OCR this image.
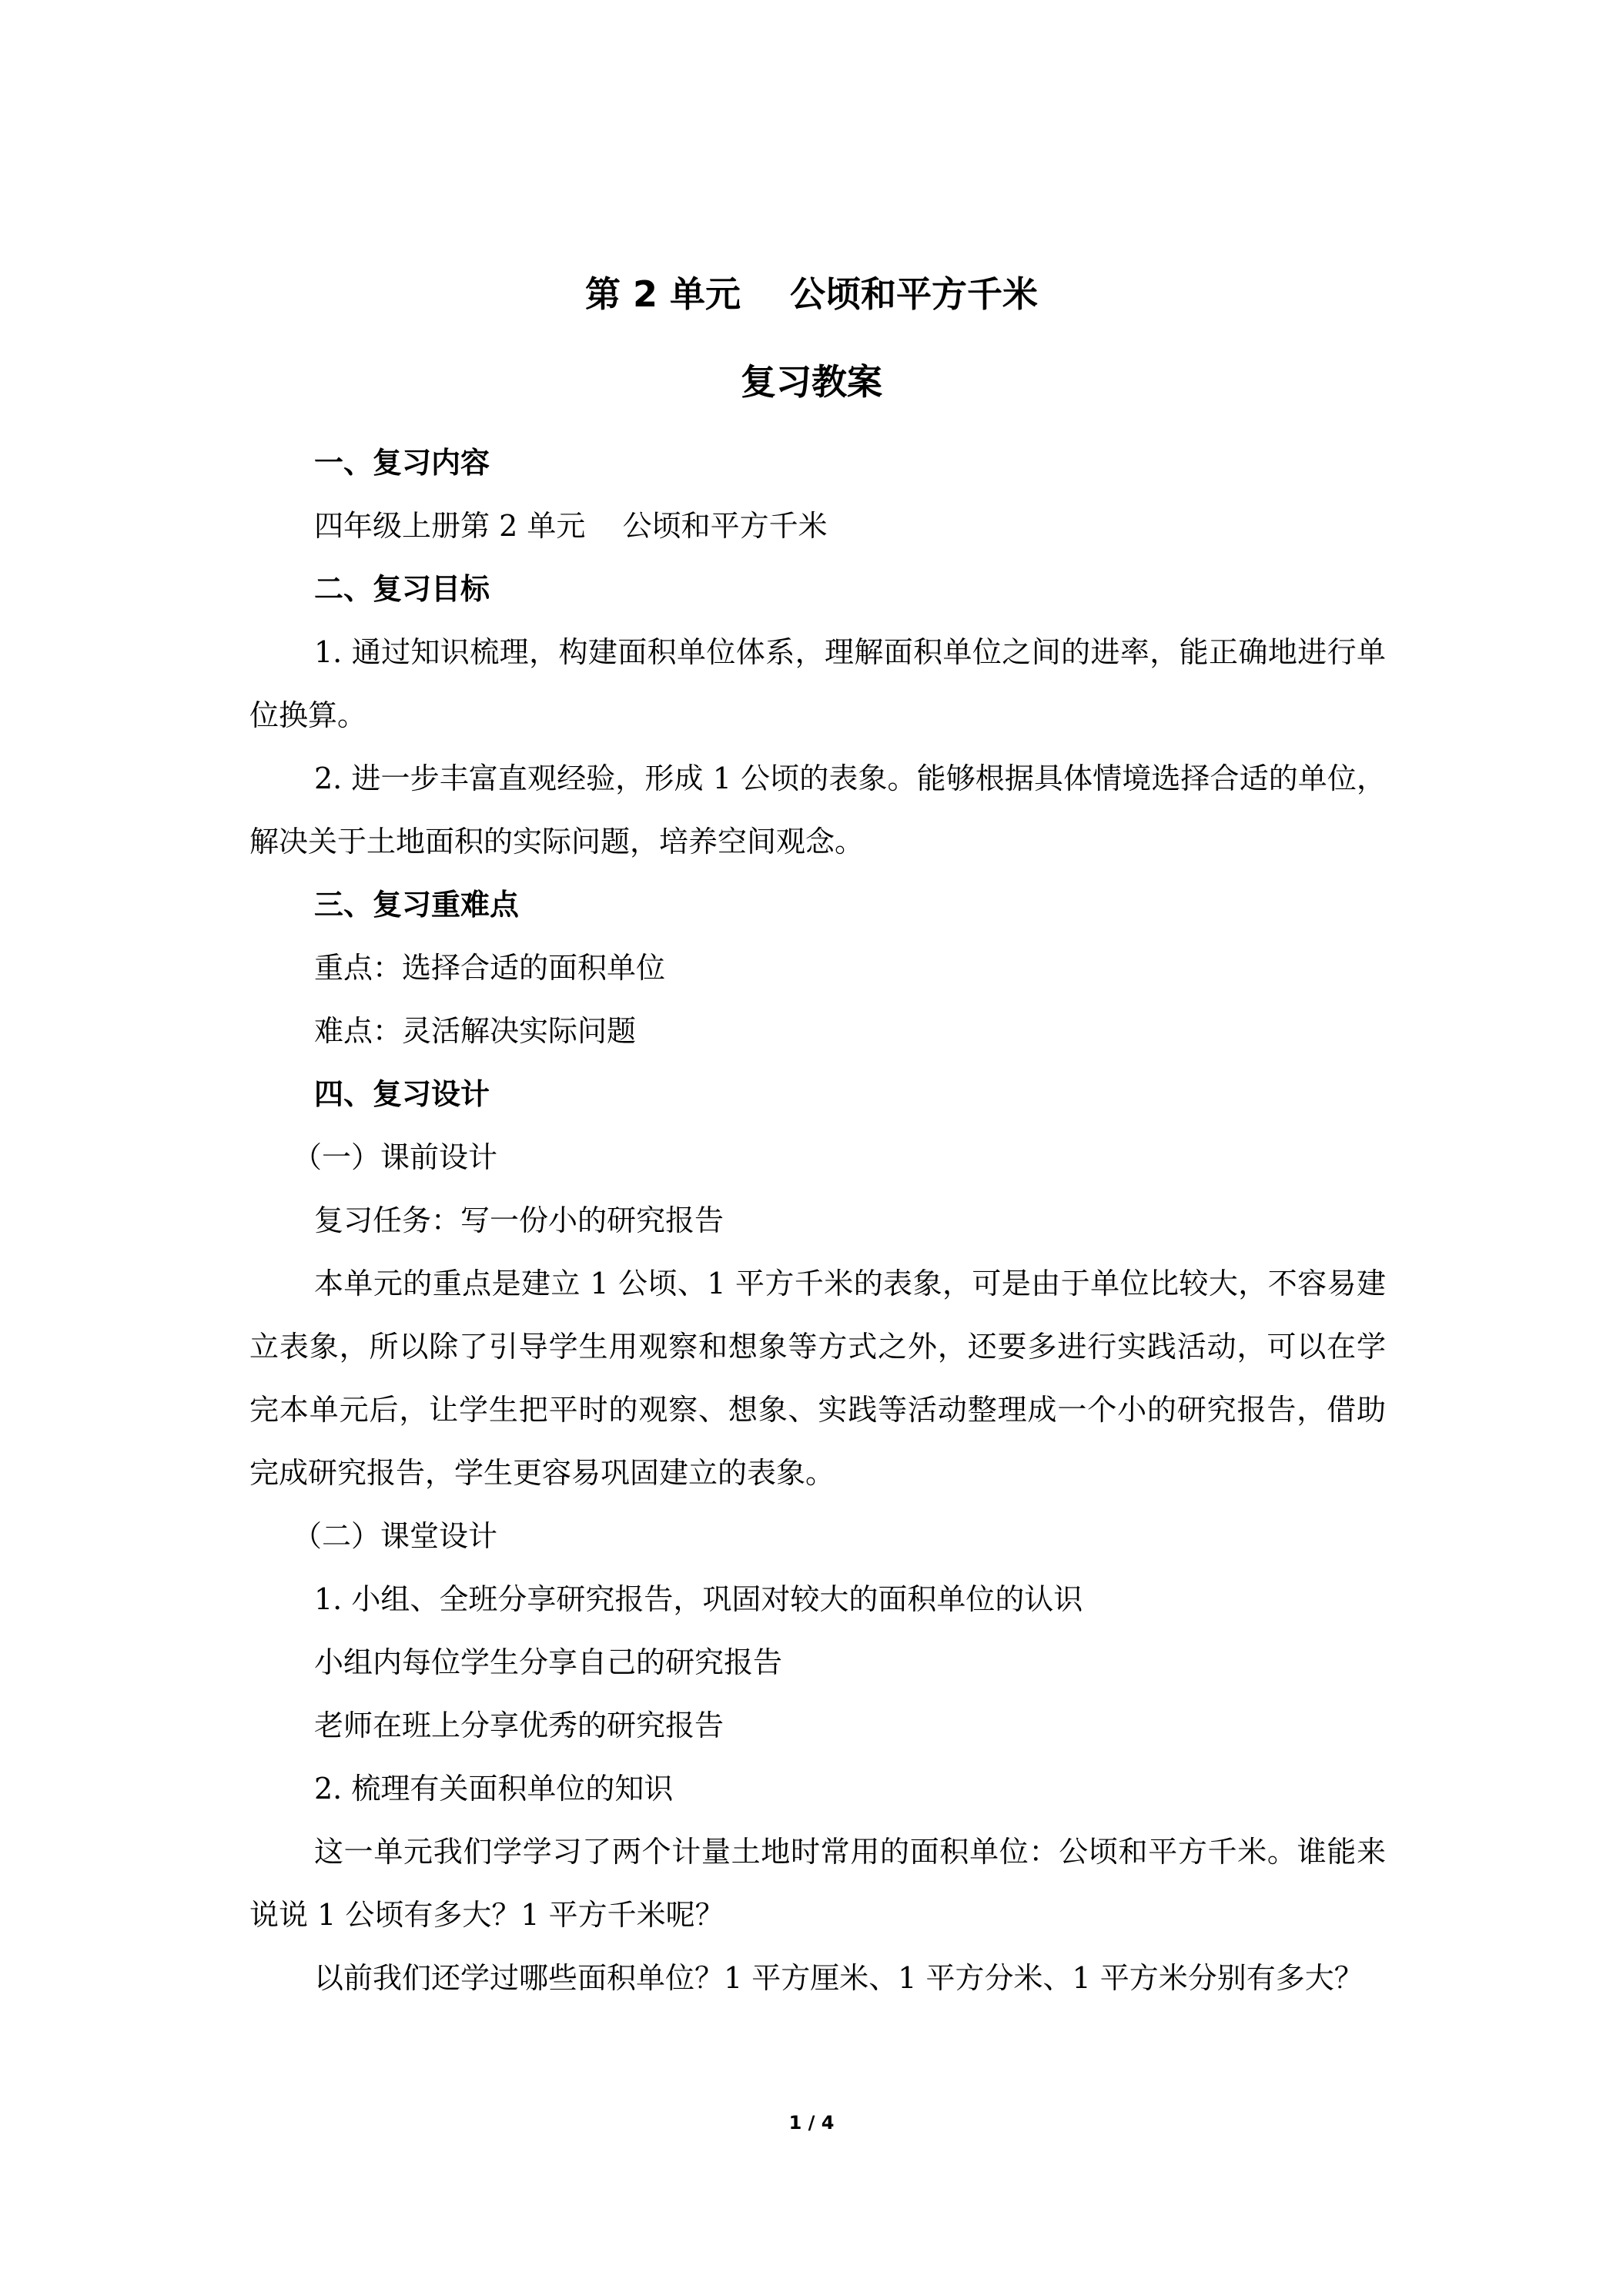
第 2 单元    公顷和平方千米
复习教案

一、复习内容

四年级上册第 2 单元    公顷和平方千米

二、复习目标

1. 通过知识梳理，构建面积单位体系，理解面积单位之间的进率，能正确地进行单位换算。

2. 进一步丰富直观经验，形成 1 公顷的表象。能够根据具体情境选择合适的单位，解决关于土地面积的实际问题，培养空间观念。

三、复习重难点

重点：选择合适的面积单位

难点：灵活解决实际问题

四、复习设计

（一）课前设计

复习任务：写一份小的研究报告

本单元的重点是建立 1 公顷、1 平方千米的表象，可是由于单位比较大，不容易建立表象，所以除了引导学生用观察和想象等方式之外，还要多进行实践活动，可以在学完本单元后，让学生把平时的观察、想象、实践等活动整理成一个小的研究报告，借助完成研究报告，学生更容易巩固建立的表象。

（二）课堂设计

1. 小组、全班分享研究报告，巩固对较大的面积单位的认识

小组内每位学生分享自己的研究报告

老师在班上分享优秀的研究报告

2. 梳理有关面积单位的知识

这一单元我们学学习了两个计量土地时常用的面积单位：公顷和平方千米。谁能来说说 1 公顷有多大？1 平方千米呢？

以前我们还学过哪些面积单位？1 平方厘米、1 平方分米、1 平方米分别有多大？

1 / 4
